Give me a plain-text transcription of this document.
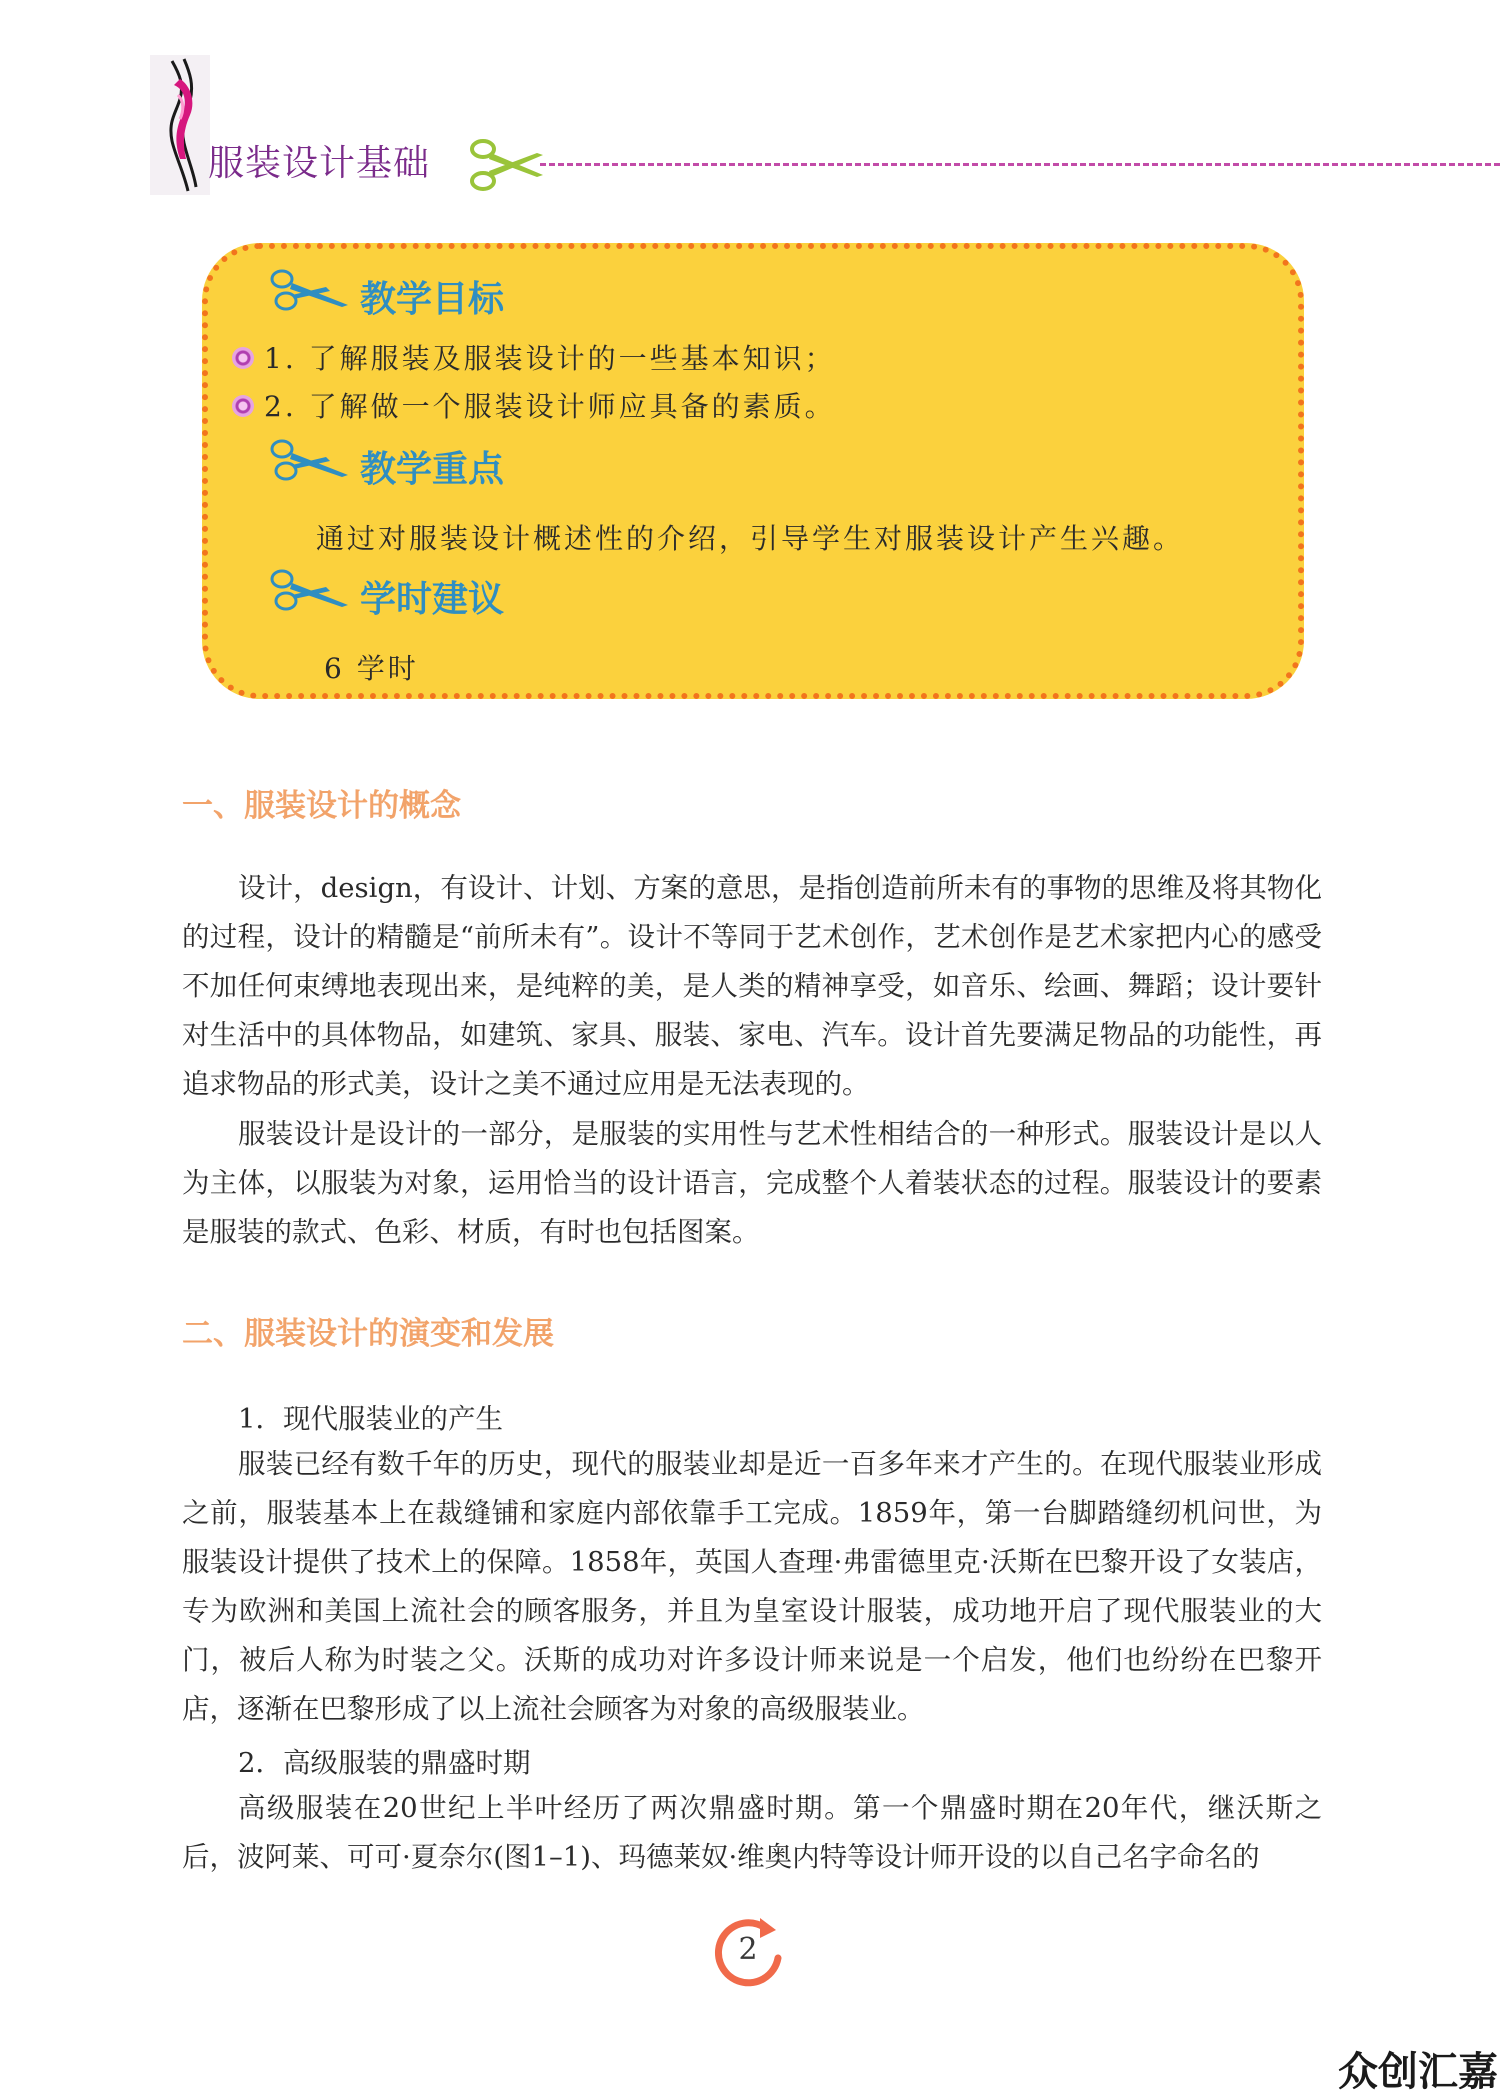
服装设计基础
教学目标
1. 了解服装及服装设计的一些基本知识；
2. 了解做一个服装设计师应具备的素质。
教学重点
通过对服装设计概述性的介绍，引导学生对服装设计产生兴趣。
学时建议
6 学时
一、服装设计的概念

设计，design，有设计、计划、方案的意思，是指创造前所未有的事物的思维及将其物化的过程，设计的精髓是“前所未有”。设计不等同于艺术创作，艺术创作是艺术家把内心的感受不加任何束缚地表现出来，是纯粹的美，是人类的精神享受，如音乐、绘画、舞蹈；设计要针对生活中的具体物品，如建筑、家具、服装、家电、汽车。设计首先要满足物品的功能性，再追求物品的形式美，设计之美不通过应用是无法表现的。

服装设计是设计的一部分，是服装的实用性与艺术性相结合的一种形式。服装设计是以人为主体，以服装为对象，运用恰当的设计语言，完成整个人着装状态的过程。服装设计的要素是服装的款式、色彩、材质，有时也包括图案。

二、服装设计的演变和发展
1．现代服装业的产生

服装已经有数千年的历史，现代的服装业却是近一百多年来才产生的。在现代服装业形成之前，服装基本上在裁缝铺和家庭内部依靠手工完成。1859年，第一台脚踏缝纫机问世，为服装设计提供了技术上的保障。1858年，英国人查理·弗雷德里克·沃斯在巴黎开设了女装店，专为欧洲和美国上流社会的顾客服务，并且为皇室设计服装，成功地开启了现代服装业的大门，被后人称为时装之父。沃斯的成功对许多设计师来说是一个启发，他们也纷纷在巴黎开店，逐渐在巴黎形成了以上流社会顾客为对象的高级服装业。

2．高级服装的鼎盛时期

高级服装在20世纪上半叶经历了两次鼎盛时期。第一个鼎盛时期在20年代，继沃斯之后，波阿莱、可可·夏奈尔(图1–1)、玛德莱奴·维奥内特等设计师开设的以自己名字命名的

2
众创汇嘉
